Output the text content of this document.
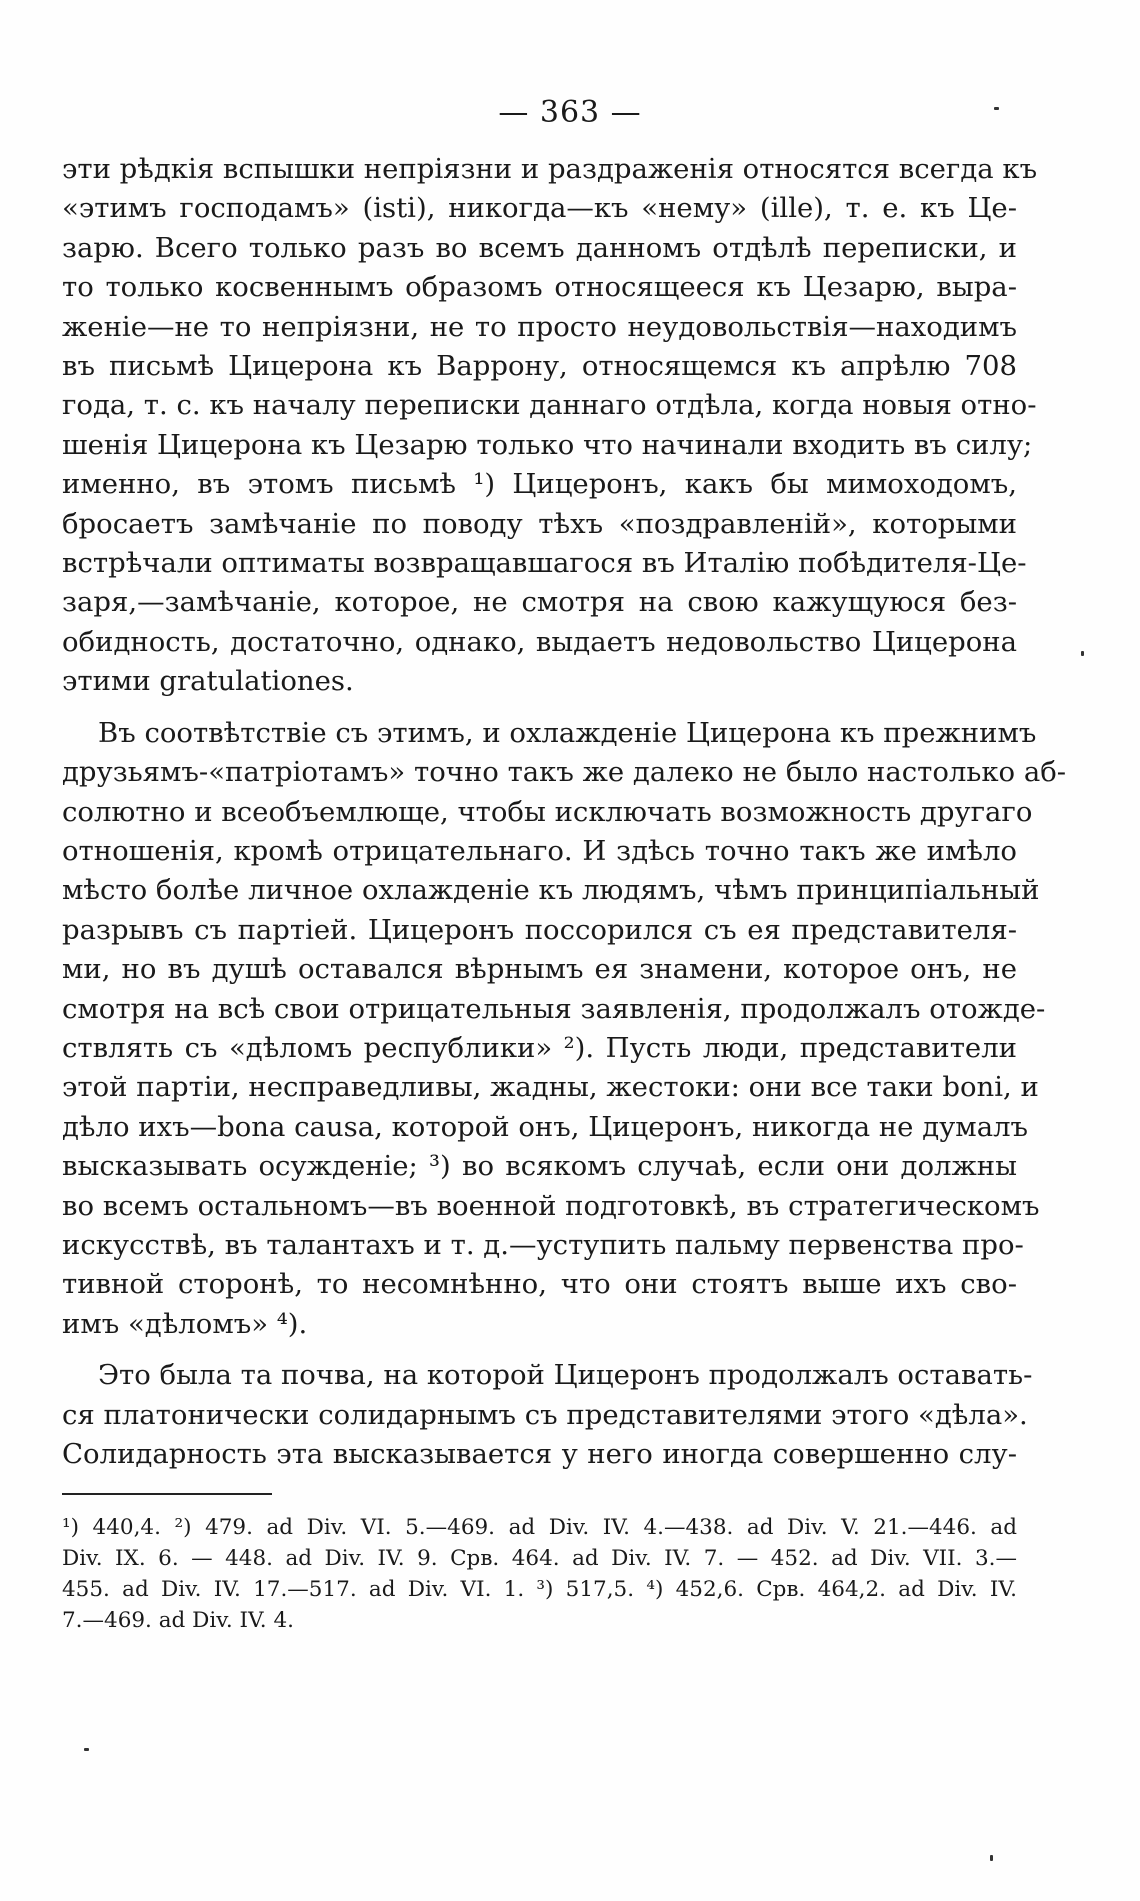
— 363 —
эти рѣдкія вспышки непріязни и раздраженія относятся всегда къ
«этимъ господамъ» (isti), никогда—къ «нему» (ille), т. е. къ Це-
зарю. Всего только разъ во всемъ данномъ отдѣлѣ переписки, и
то только косвеннымъ образомъ относящееся къ Цезарю, выра-
женіе—не то непріязни, не то просто неудовольствія—находимъ
въ письмѣ Цицерона къ Варрону, относящемся къ апрѣлю 708
года, т. с. къ началу переписки даннаго отдѣла, когда новыя отно-
шенія Цицерона къ Цезарю только что начинали входить въ силу;
именно, въ этомъ письмѣ ¹) Цицеронъ, какъ бы мимоходомъ,
бросаетъ замѣчаніе по поводу тѣхъ «поздравленій», которыми
встрѣчали оптиматы возвращавшагося въ Италію побѣдителя-Це-
заря,—замѣчаніе, которое, не смотря на свою кажущуюся без-
обидность, достаточно, однако, выдаетъ недовольство Цицерона
этими gratulationes.
Въ соотвѣтствіе съ этимъ, и охлажденіе Цицерона къ прежнимъ
друзьямъ-«патріотамъ» точно такъ же далеко не было настолько аб-
солютно и всеобъемлюще, чтобы исключать возможность другаго
отношенія, кромѣ отрицательнаго. И здѣсь точно такъ же имѣло
мѣсто болѣе личное охлажденіе къ людямъ, чѣмъ принципіальный
разрывъ съ партіей. Цицеронъ поссорился съ ея представителя-
ми, но въ душѣ оставался вѣрнымъ ея знамени, которое онъ, не
смотря на всѣ свои отрицательныя заявленія, продолжалъ отожде-
ствлять съ «дѣломъ республики» ²). Пусть люди, представители
этой партіи, несправедливы, жадны, жестоки: они все таки boni, и
дѣло ихъ—bona causa, которой онъ, Цицеронъ, никогда не думалъ
высказывать осужденіе; ³) во всякомъ случаѣ, если они должны
во всемъ остальномъ—въ военной подготовкѣ, въ стратегическомъ
искусствѣ, въ талантахъ и т. д.—уступить пальму первенства про-
тивной сторонѣ, то несомнѣнно, что они стоятъ выше ихъ сво-
имъ «дѣломъ» ⁴).
Это была та почва, на которой Цицеронъ продолжалъ оставать-
ся платонически солидарнымъ съ представителями этого «дѣла».
Солидарность эта высказывается у него иногда совершенно слу-
¹) 440,4. ²) 479. ad Div. VI. 5.—469. ad Div. IV. 4.—438. ad Div. V. 21.—446. ad
Div. IX. 6. — 448. ad Div. IV. 9. Срв. 464. ad Div. IV. 7. — 452. ad Div. VII. 3.—
455. ad Div. IV. 17.—517. ad Div. VI. 1. ³) 517,5. ⁴) 452,6. Срв. 464,2. ad Div. IV.
7.—469. ad Div. IV. 4.
